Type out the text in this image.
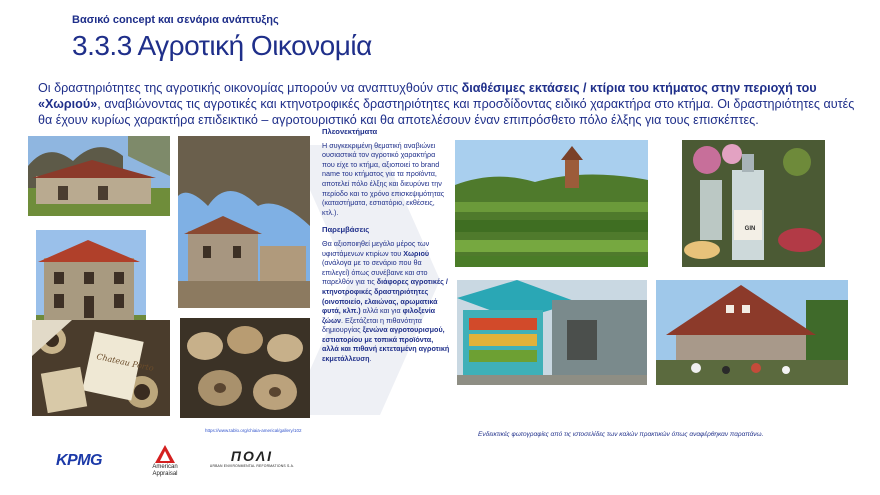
Βασικό concept και σενάρια ανάπτυξης
3.3.3 Αγροτική Οικονομία
Οι δραστηριότητες της αγροτικής οικονομίας μπορούν να αναπτυχθούν στις διαθέσιμες εκτάσεις / κτίρια του κτήματος στην περιοχή του «Χωριού», αναβιώνοντας τις αγροτικές και κτηνοτροφικές δραστηριότητες και προσδίδοντας ειδικό χαρακτήρα στο κτήμα. Οι δραστηριότητες αυτές θα έχουν κυρίως χαρακτήρα επιδεικτικό – αγροτουριστικό και θα αποτελέσουν έναν επιπρόσθετο πόλο έλξης για τους επισκέπτες.
Chateau Porto
Πλεονεκτήματα

Η συγκεκριμένη θεματική αναβιώνει ουσιαστικά τον αγροτικό χαρακτήρα που είχε το κτήμα, αξιοποιεί το brand name του κτήματος για τα προϊόντα, αποτελεί πόλο έλξης και διευρύνει την περίοδο και το χρόνο επισκεψιμότητας (καταστήματα, εστιατόριο, εκθέσεις, κτλ.).

Παρεμβάσεις

Θα αξιοποιηθεί μεγάλο μέρος των υφιστάμενων κτιρίων του Χωριού (ανάλογα με το σενάριο που θα επιλεγεί) όπως συνέβαινε και στο παρελθόν για τις διάφορες αγροτικές / κτηνοτροφικές δραστηριότητες (οινοποιείο, ελαιώνας, αρωματικά φυτά, κλπ.) αλλά και για φιλοξενία ζώων. Εξετάζεται η πιθανότητα δημιουργίας ξενώνα αγροτουρισμού, εστιατορίου με τοπικά προϊόντα, αλλά και πιθανή εκτεταμένη αγροτική εκμετάλλευση.

https://www.tablo.org/chiaia-americal/gallery/102
GIN
Ενδεικτικές φωτογραφίες από τις ιστοσελίδες των καλών πρακτικών όπως αναφέρθηκαν παραπάνω.
KPMG	American
Appraisal
ΠΟΛΙ
URBAN ENVIRONMENTAL REFORMATIONS S.A.
